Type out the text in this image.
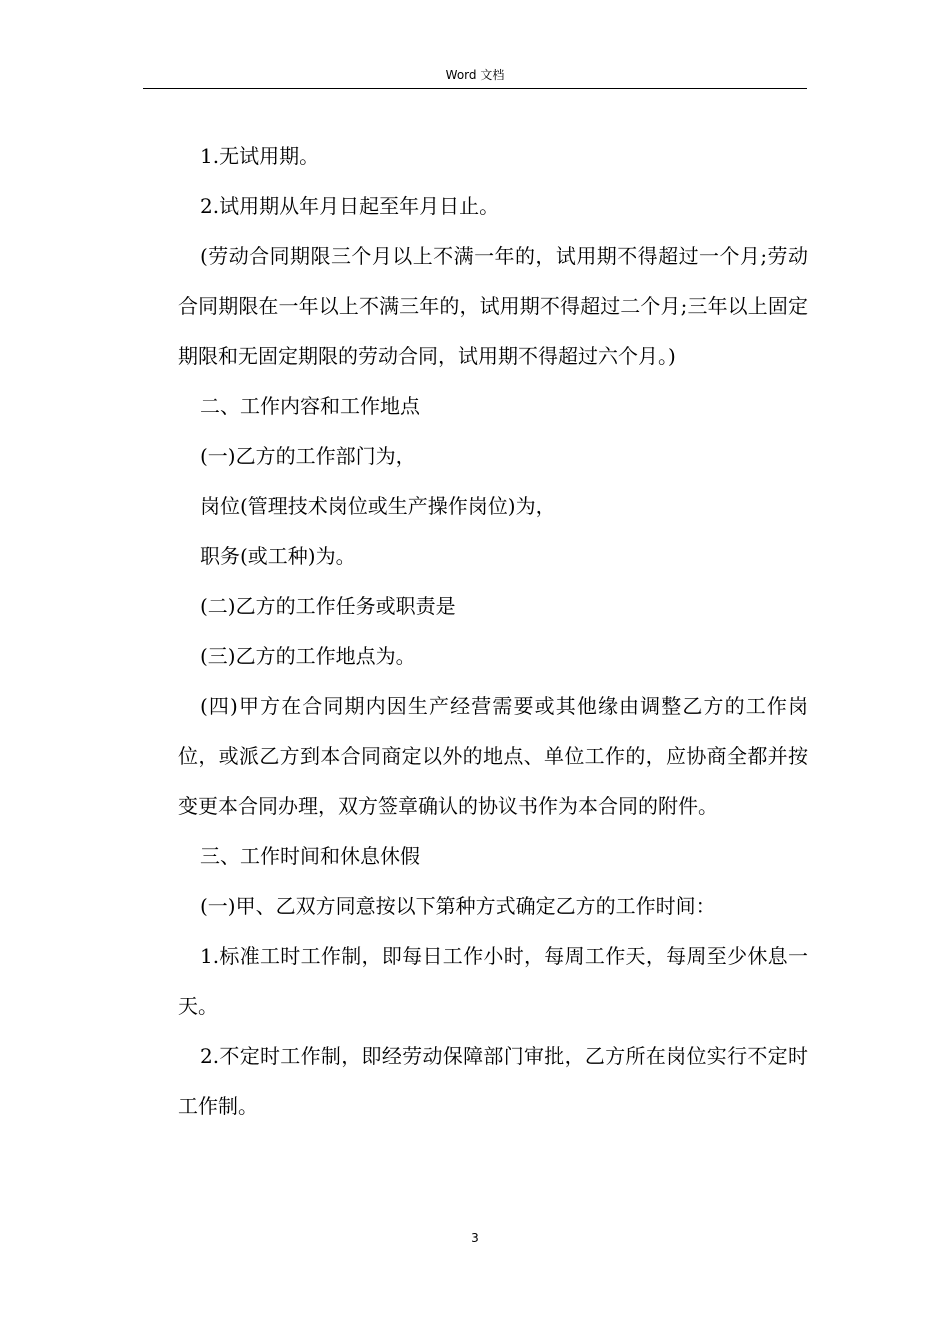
Word 文档

1.无试用期。

2.试用期从年月日起至年月日止。

(劳动合同期限三个月以上不满一年的，试用期不得超过一个月;劳动合同期限在一年以上不满三年的，试用期不得超过二个月;三年以上固定期限和无固定期限的劳动合同，试用期不得超过六个月。)

二、工作内容和工作地点

(一)乙方的工作部门为，

岗位(管理技术岗位或生产操作岗位)为，

职务(或工种)为。

(二)乙方的工作任务或职责是

(三)乙方的工作地点为。

(四)甲方在合同期内因生产经营需要或其他缘由调整乙方的工作岗位，或派乙方到本合同商定以外的地点、单位工作的，应协商全都并按变更本合同办理，双方签章确认的协议书作为本合同的附件。

三、工作时间和休息休假

(一)甲、乙双方同意按以下第种方式确定乙方的工作时间：

1.标准工时工作制，即每日工作小时，每周工作天，每周至少休息一天。

2.不定时工作制，即经劳动保障部门审批，乙方所在岗位实行不定时工作制。

3
